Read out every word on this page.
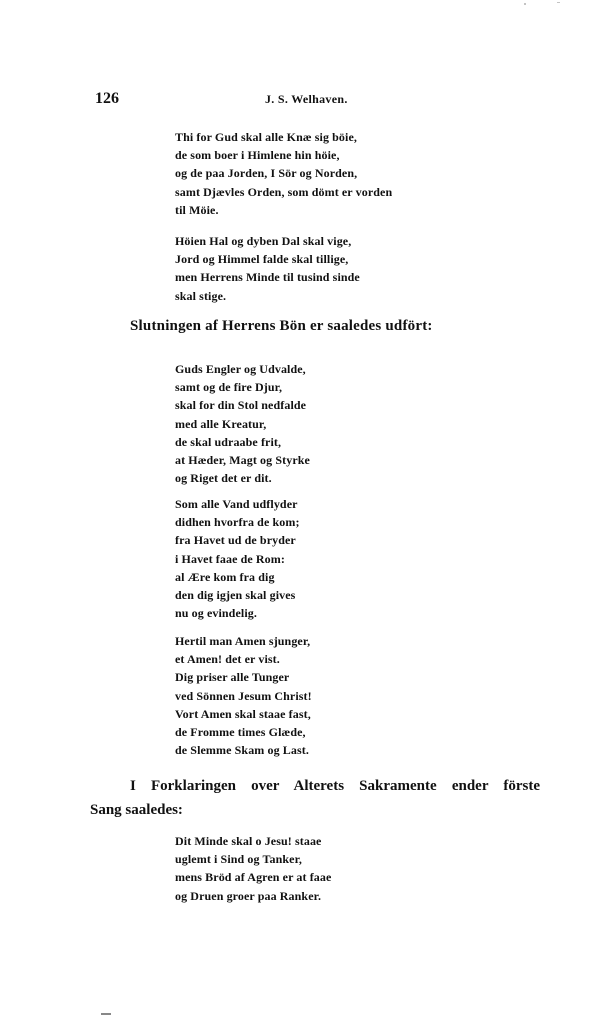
126	J. S. Welhaven.
Thi for Gud skal alle Knæ sig böie,
de som boer i Himlene hin höie,
og de paa Jorden, I Sör og Norden,
samt Djævles Orden, som dömt er vorden
til Möie.
Höien Hal og dyben Dal skal vige,
Jord og Himmel falde skal tillige,
men Herrens Minde til tusind sinde
skal stige.
Slutningen af Herrens Bön er saaledes udfört:
Guds Engler og Udvalde,
samt og de fire Djur,
skal for din Stol nedfalde
med alle Kreatur,
de skal udraabe frit,
at Hæder, Magt og Styrke
og Riget det er dit.
Som alle Vand udflyder
didhen hvorfra de kom;
fra Havet ud de bryder
i Havet faae de Rom:
al Ære kom fra dig
den dig igjen skal gives
nu og evindelig.
Hertil man Amen sjunger,
et Amen! det er vist.
Dig priser alle Tunger
ved Sönnen Jesum Christ!
Vort Amen skal staae fast,
de Fromme times Glæde,
de Slemme Skam og Last.
I Forklaringen over Alterets Sakramente ender förste
Sang saaledes:
Dit Minde skal o Jesu! staae
uglemt i Sind og Tanker,
mens Bröd af Agren er at faae
og Druen groer paa Ranker.
